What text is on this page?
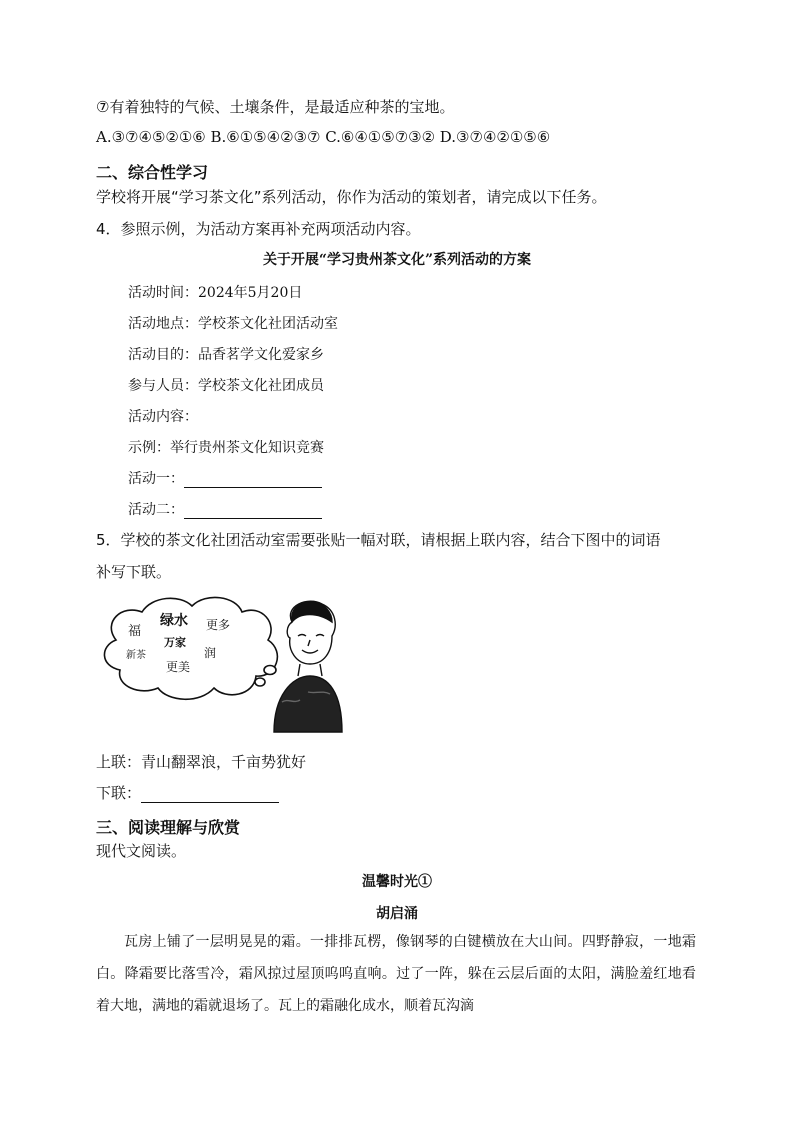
⑦有着独特的气候、土壤条件，是最适应种茶的宝地。
A.③⑦④⑤②①⑥ B.⑥①⑤④②③⑦ C.⑥④①⑤⑦③② D.③⑦④②①⑤⑥
二、综合性学习
学校将开展“学习茶文化”系列活动，你作为活动的策划者，请完成以下任务。
4．参照示例，为活动方案再补充两项活动内容。
关于开展“学习贵州茶文化”系列活动的方案
活动时间：2024年5月20日
活动地点：学校茶文化社团活动室
活动目的：品香茗学文化爱家乡
参与人员：学校茶文化社团成员
活动内容：
示例：举行贵州茶文化知识竞赛
活动一：
活动二：
5．学校的茶文化社团活动室需要张贴一幅对联，请根据上联内容，结合下图中的词语
补写下联。
福
绿水 更多
万家
新茶	润
更美
上联：青山翻翠浪，千亩势犹好
下联：
三、阅读理解与欣赏
现代文阅读。
温馨时光①
胡启涌
瓦房上铺了一层明晃晃的霜。一排排瓦楞，像钢琴的白键横放在大山间。四野静寂，一地霜白。降霜要比落雪冷，霜风掠过屋顶呜呜直响。过了一阵，躲在云层后面的太阳，满脸羞红地看着大地，满地的霜就退场了。瓦上的霜融化成水，顺着瓦沟滴
